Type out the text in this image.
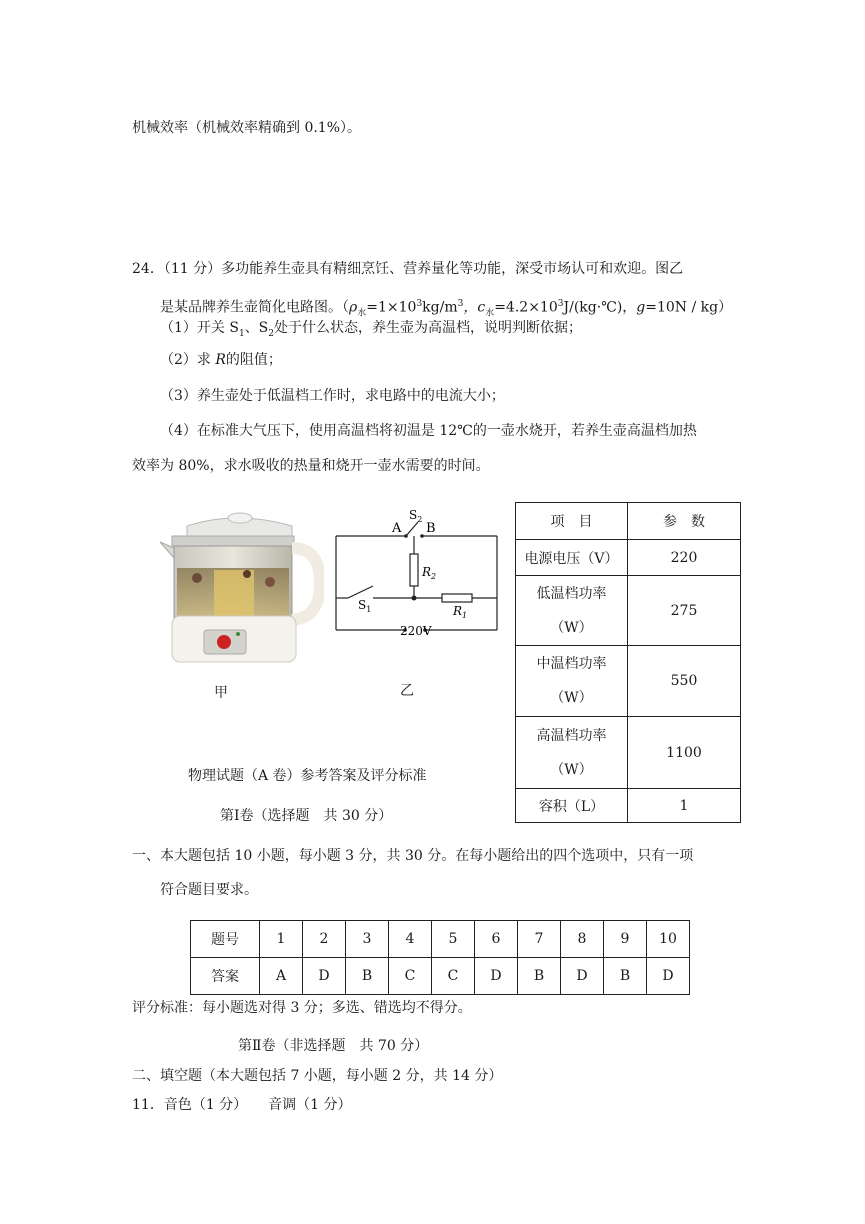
机械效率（机械效率精确到 0.1%）。
24．（11 分）多功能养生壶具有精细烹饪、营养量化等功能，深受市场认可和欢迎。图乙
是某品牌养生壶简化电路图。（$\rho_水=1\times 10^3kg/m^3$，$c_水=4.2\times 10^3J/(kg\cdot℃)$，g=10N / kg）
（1）开关 $S_1$、$S_2$处于什么状态，养生壶为高温档，说明判断依据；
（2）求 R的阻值；
（3）养生壶处于低温档工作时，求电路中的电流大小；
（4）在标准大气压下，使用高温档将初温是 12℃的一壶水烧开，若养生壶高温档加热
效率为 80%，求水吸收的热量和烧开一壶水需要的时间。
甲
A B
$S_2$
$R_2$
$S_1$	$R_1$
220V
乙
项　目	参　数
电源电压（V）	220

低温档功率
（W）	275

中温档功率
（W）	550

高温档功率
（W）	1100
容积（L）	1
物理试题（A 卷）参考答案及评分标准
第Ⅰ卷（选择题　共 30 分）
一、本大题包括 10 小题，每小题 3 分，共 30 分。在每小题给出的四个选项中，只有一项
符合题目要求。
题号	1	2	3	4	5	6	7	8	9	10
答案	A	D	B	C	C	D	B	D	B	D
评分标准：每小题选对得 3 分；多选、错选均不得分。
第Ⅱ卷（非选择题　共 70 分）
二、填空题（本大题包括 7 小题，每小题 2 分，共 14 分）
11．音色（1 分）　　音调（1 分）
